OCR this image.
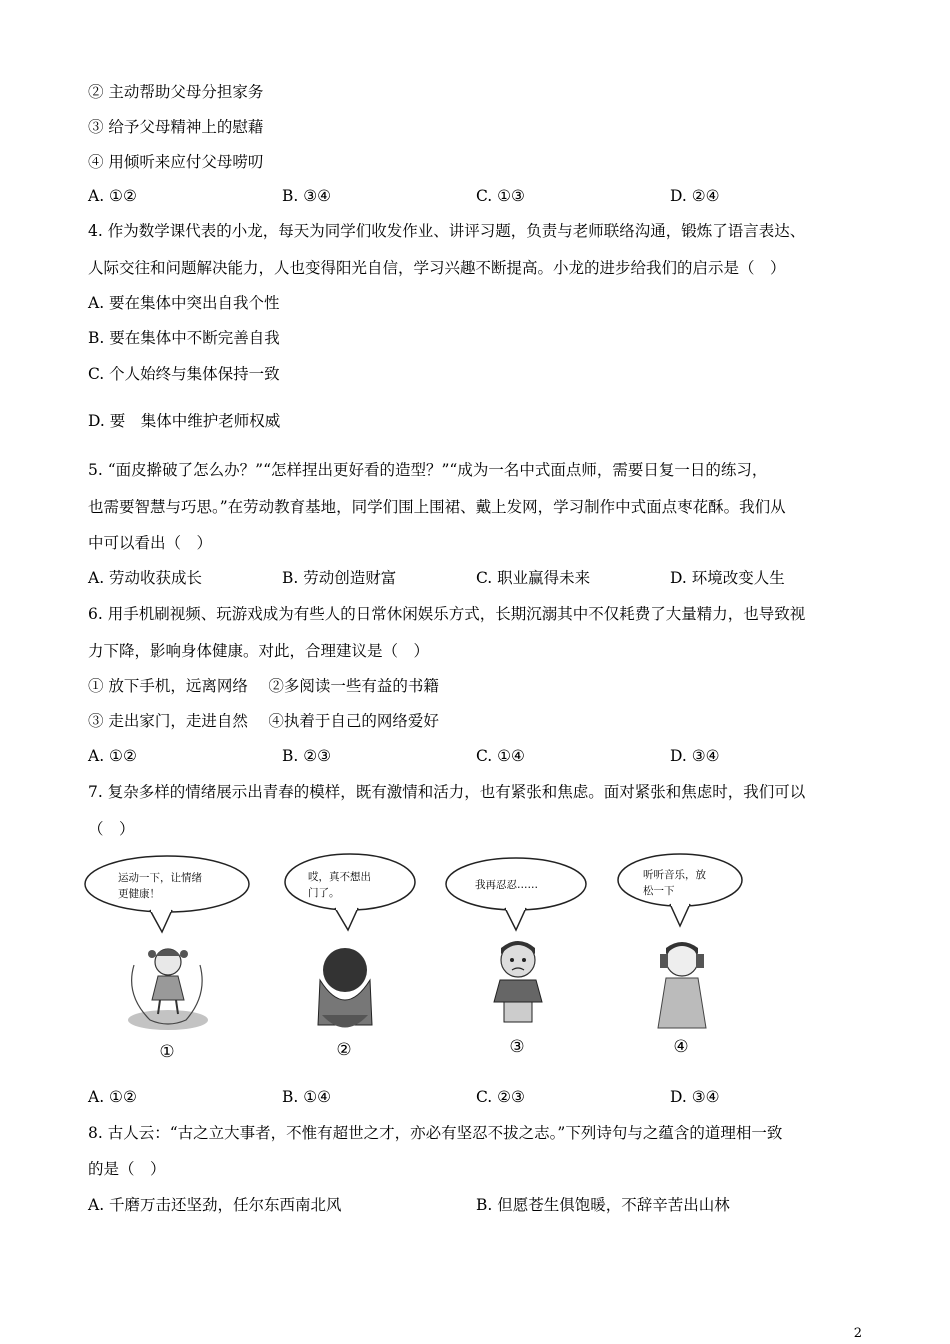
② 主动帮助父母分担家务
③ 给予父母精神上的慰藉
④ 用倾听来应付父母唠叨
A. ①②	B. ③④	C. ①③	D. ②④
4. 作为数学课代表的小龙，每天为同学们收发作业、讲评习题，负责与老师联络沟通，锻炼了语言表达、
人际交往和问题解决能力，人也变得阳光自信，学习兴趣不断提高。小龙的进步给我们的启示是（　）
A. 要在集体中突出自我个性
B. 要在集体中不断完善自我
C. 个人始终与集体保持一致
D. 要　集体中维护老师权威
5. “面皮擀破了怎么办？”“怎样捏出更好看的造型？”“成为一名中式面点师，需要日复一日的练习，
也需要智慧与巧思。”在劳动教育基地，同学们围上围裙、戴上发网，学习制作中式面点枣花酥。我们从
中可以看出（　）
A. 劳动收获成长	B. 劳动创造财富	C. 职业赢得未来	D. 环境改变人生
6. 用手机刷视频、玩游戏成为有些人的日常休闲娱乐方式，长期沉溺其中不仅耗费了大量精力，也导致视
力下降，影响身体健康。对此，合理建议是（　）
① 放下手机，远离网络　 ②多阅读一些有益的书籍
③ 走出家门，走进自然　 ④执着于自己的网络爱好
A. ①②	B. ②③	C. ①④	D. ③④
7. 复杂多样的情绪展示出青春的模样，既有激情和活力，也有紧张和焦虑。面对紧张和焦虑时，我们可以
（　）
运动一下，让情绪
更健康！
①
哎，真不想出
门了。
②
我再忍忍……
③
听听音乐，放
松一下
④
A. ①②	B. ①④	C. ②③	D. ③④
8. 古人云：“古之立大事者，不惟有超世之才，亦必有坚忍不拔之志。”下列诗句与之蕴含的道理相一致
的是（　）
A. 千磨万击还坚劲，任尔东西南北风	B. 但愿苍生俱饱暖，不辞辛苦出山林
2
